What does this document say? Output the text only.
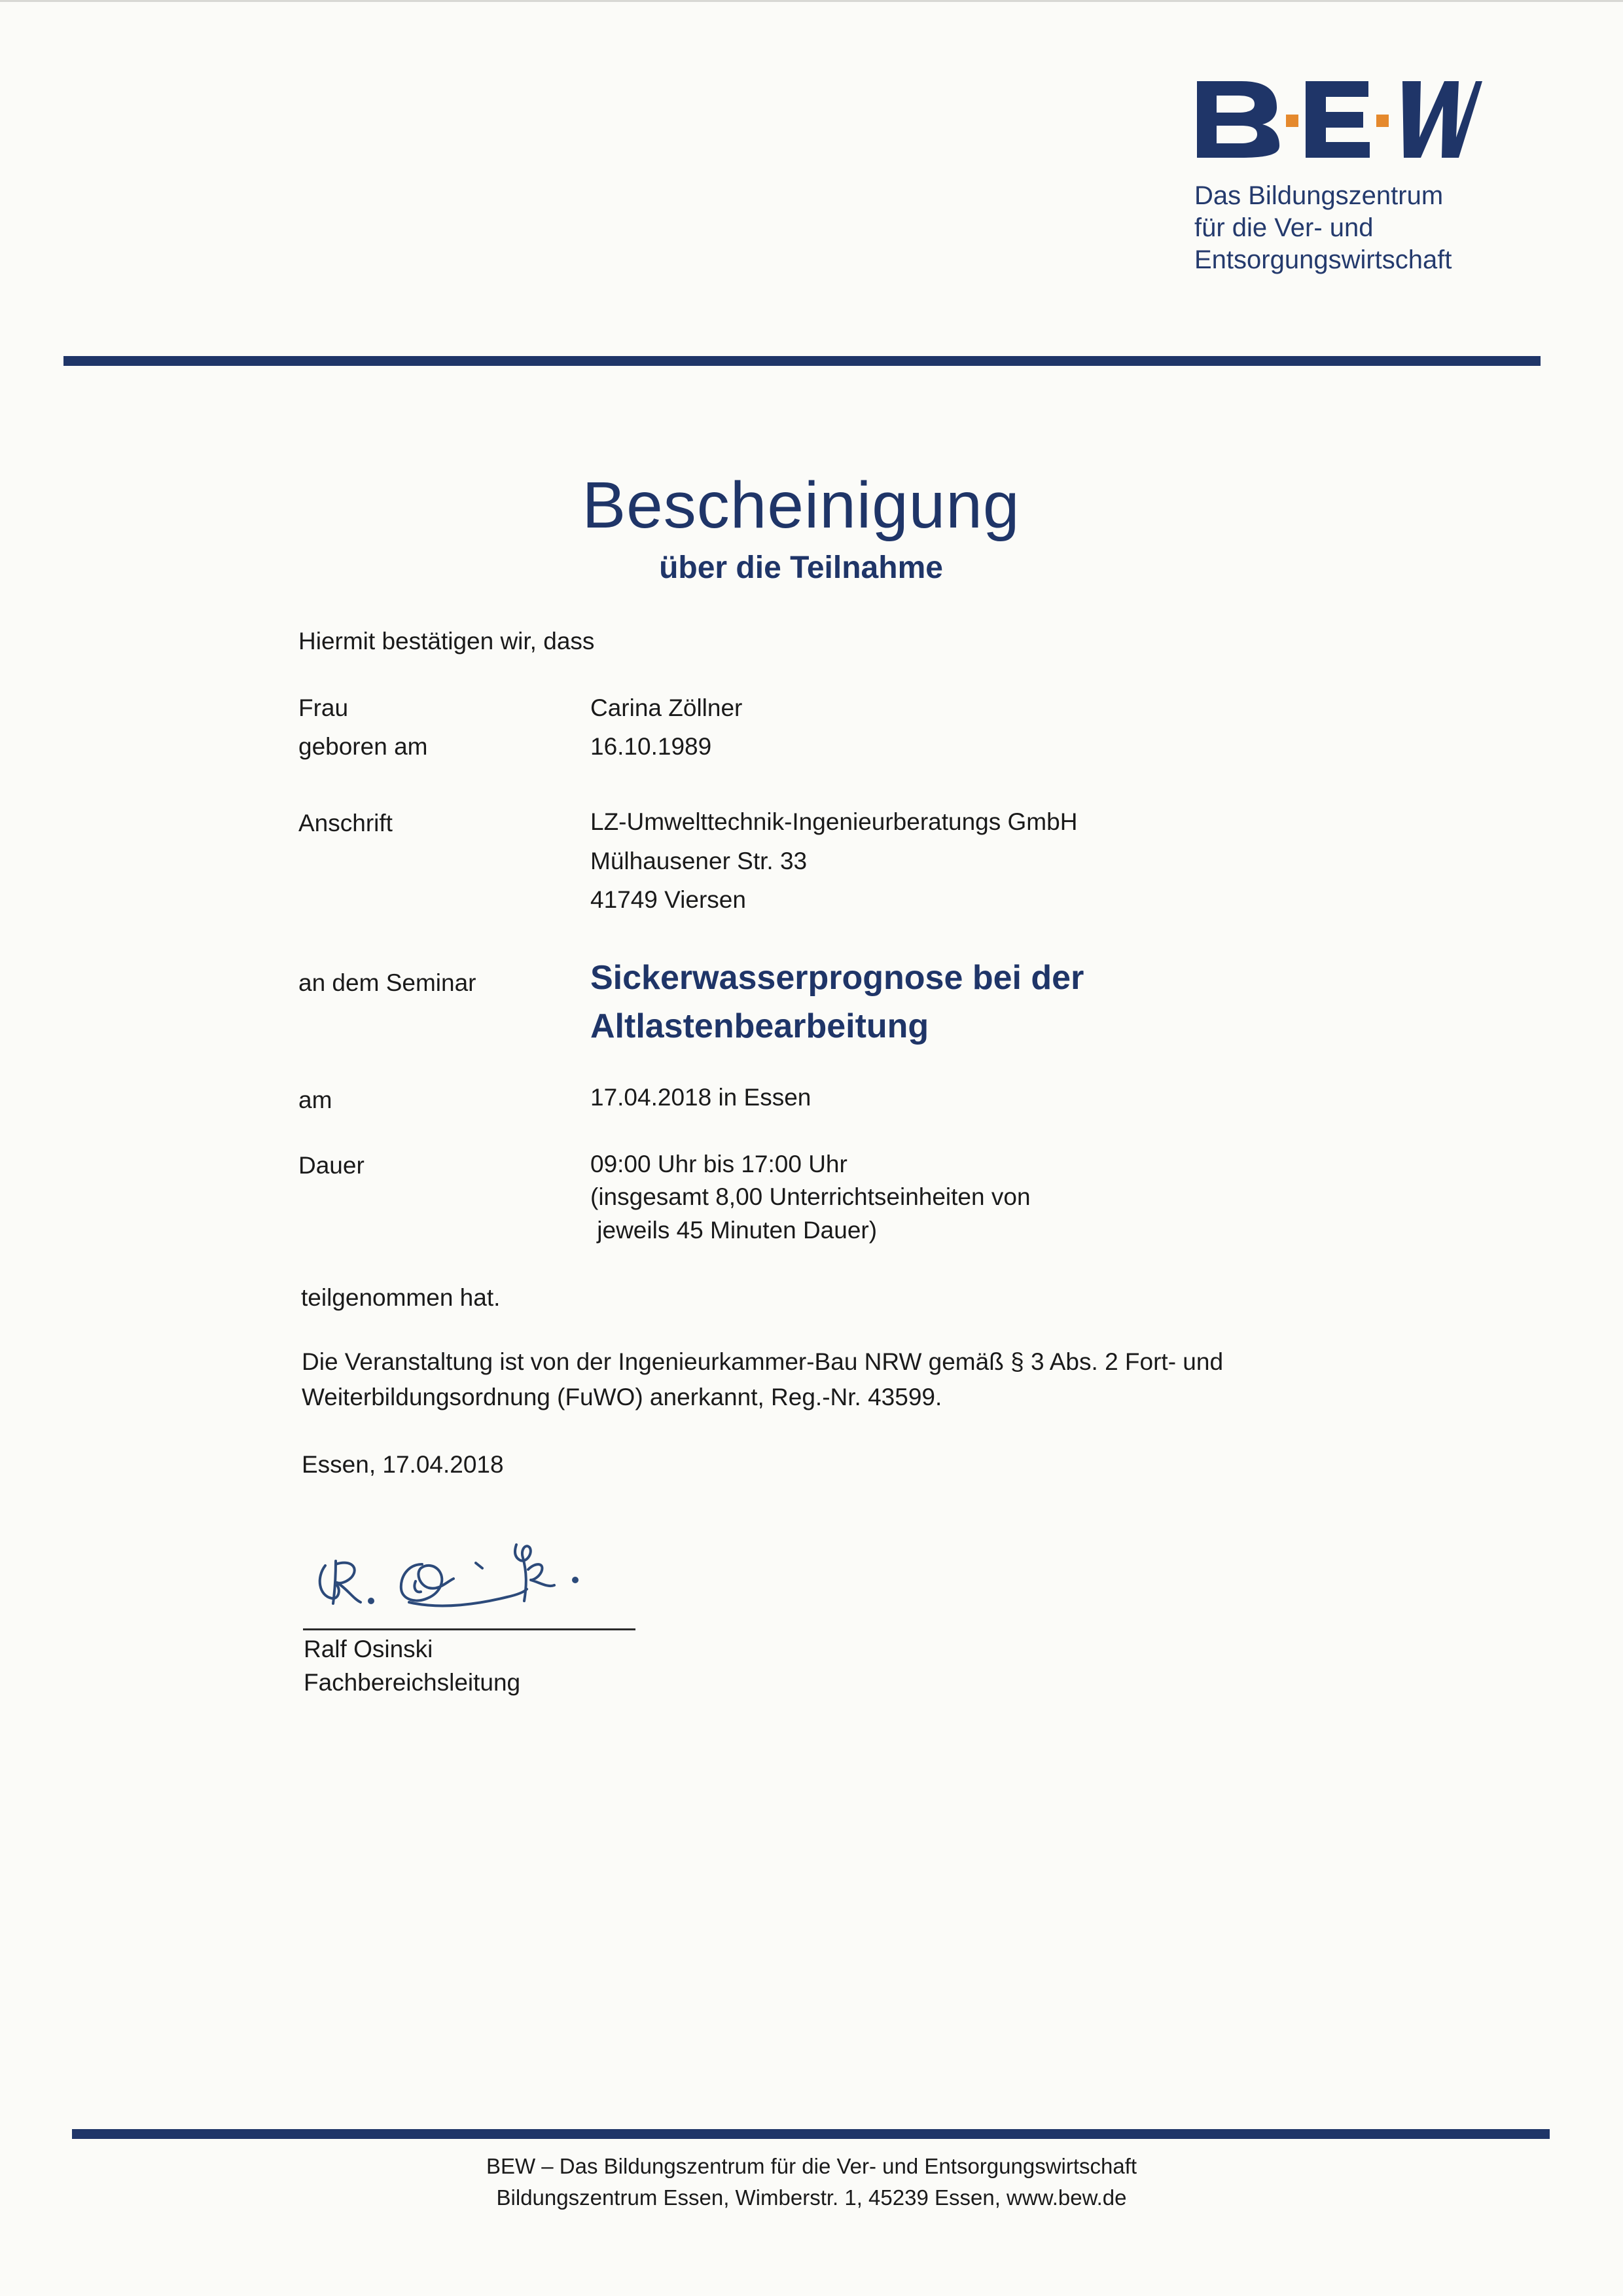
Das Bildungszentrum
für die Ver- und
Entsorgungswirtschaft
Bescheinigung
über die Teilnahme
Hiermit bestätigen wir, dass
Frau	Carina Zöllner
geboren am	16.10.1989
Anschrift	LZ-Umwelttechnik-Ingenieurberatungs GmbH
Mülhausener Str. 33
41749 Viersen
an dem Seminar	Sickerwasserprognose bei der
Altlastenbearbeitung
am	17.04.2018 in Essen
Dauer	09:00 Uhr bis 17:00 Uhr
(insgesamt 8,00 Unterrichtseinheiten von
jeweils 45 Minuten Dauer)
teilgenommen hat.
Die Veranstaltung ist von der Ingenieurkammer-Bau NRW gemäß § 3 Abs. 2 Fort- und
Weiterbildungsordnung (FuWO) anerkannt, Reg.-Nr. 43599.
Essen, 17.04.2018
Ralf Osinski
Fachbereichsleitung
BEW – Das Bildungszentrum für die Ver- und Entsorgungswirtschaft
Bildungszentrum Essen, Wimberstr. 1, 45239 Essen, www.bew.de
